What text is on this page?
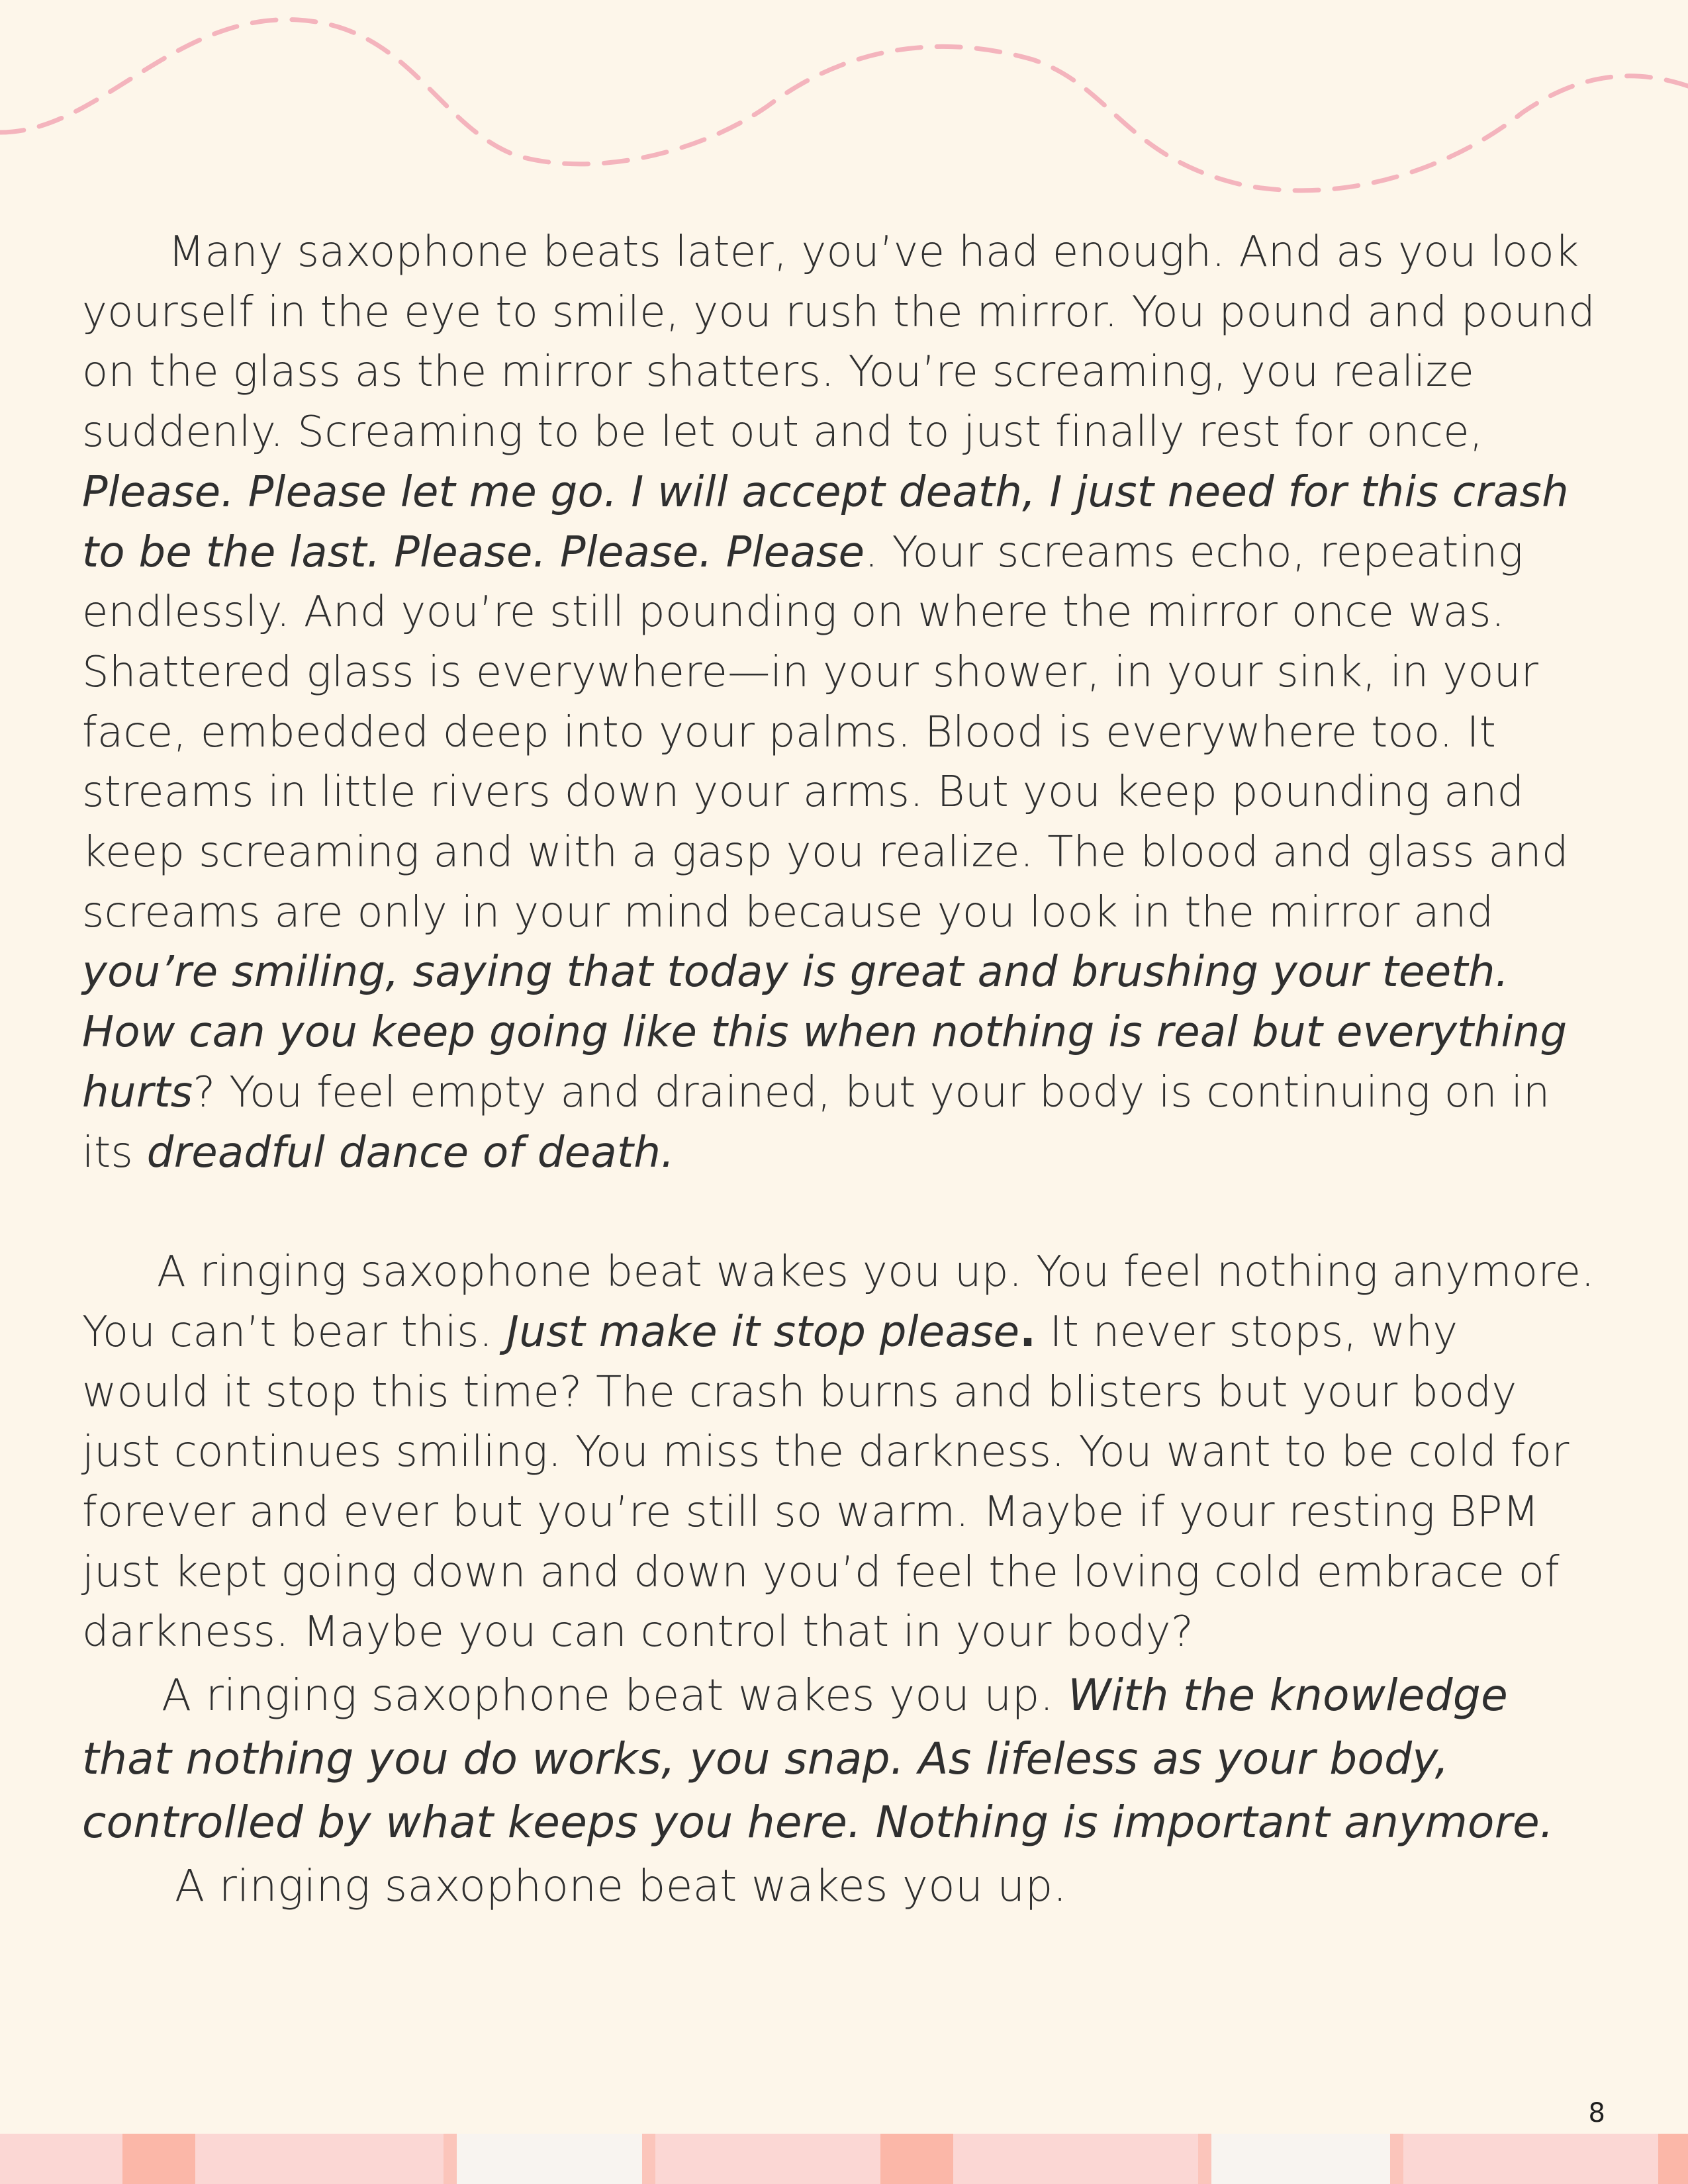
Many saxophone beats later, you’ve had enough. And as you look yourself in the eye to smile, you rush the mirror. You pound and pound on the glass as the mirror shatters. You’re screaming, you realize suddenly. Screaming to be let out and to just finally rest for once, Please. Please let me go. I will accept death, I just need for this crash to be the last. Please. Please. Please. Your screams echo, repeating endlessly. And you’re still pounding on where the mirror once was. Shattered glass is everywhere—in your shower, in your sink, in your face, embedded deep into your palms. Blood is everywhere too. It streams in little rivers down your arms. But you keep pounding and keep screaming and with a gasp you realize. The blood and glass and screams are only in your mind because you look in the mirror and you’re smiling, saying that today is great and brushing your teeth. How can you keep going like this when nothing is real but everything hurts? You feel empty and drained, but your body is continuing on in its dreadful dance of death.

A ringing saxophone beat wakes you up. You feel nothing anymore. You can’t bear this. Just make it stop please. It never stops, why would it stop this time? The crash burns and blisters but your body just continues smiling. You miss the darkness. You want to be cold for forever and ever but you’re still so warm. Maybe if your resting BPM just kept going down and down you’d feel the loving cold embrace of darkness. Maybe you can control that in your body?

A ringing saxophone beat wakes you up. With the knowledge that nothing you do works, you snap. As lifeless as your body, controlled by what keeps you here. Nothing is important anymore.

A ringing saxophone beat wakes you up.

8
